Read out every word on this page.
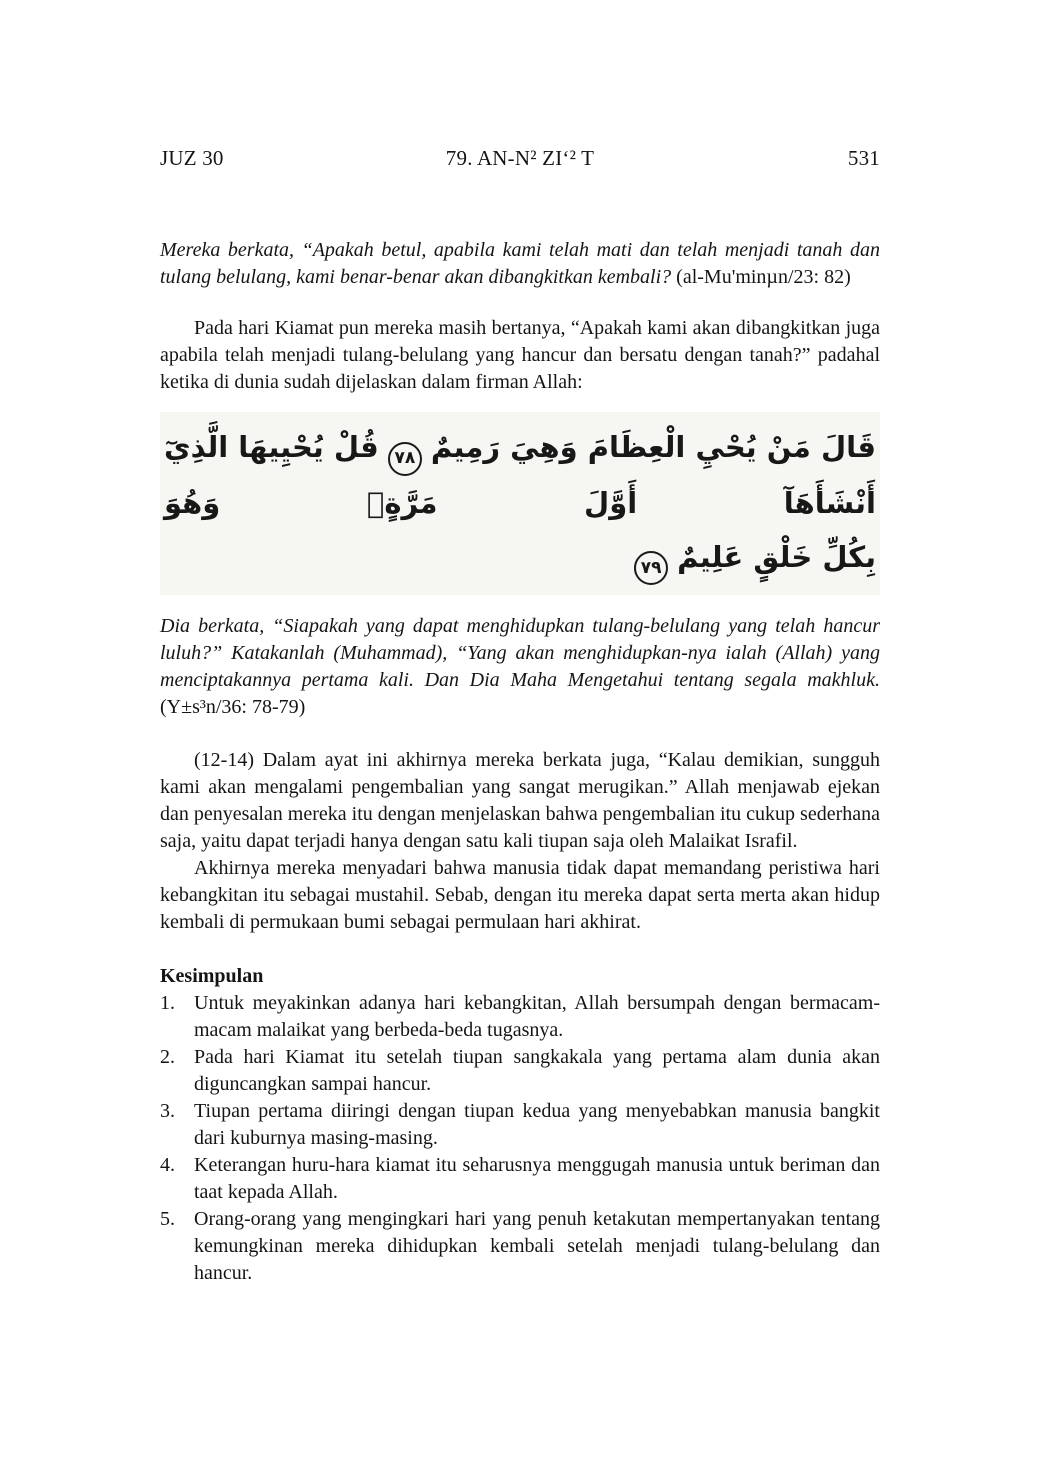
JUZ 30	79. AN-N² ZI‘² T	531

Mereka berkata, “Apakah betul, apabila kami telah mati dan telah menjadi tanah dan tulang belulang, kami benar-benar akan dibangkitkan kembali? (al-Mu'minµn/23: 82)

Pada hari Kiamat pun mereka masih bertanya, “Apakah kami akan dibangkitkan juga apabila telah menjadi tulang-belulang yang hancur dan bersatu dengan tanah?” padahal ketika di dunia sudah dijelaskan dalam firman Allah:

قَالَ مَنْ يُحْيِ الْعِظَامَ وَهِيَ رَمِيمٌ٧٨قُلْ يُحْيِيهَا الَّذِيٓ أَنْشَأَهَآ أَوَّلَ مَرَّةٍۖ وَهُوَ
بِكُلِّ خَلْقٍ عَلِيمٌ٧٩

Dia berkata, “Siapakah yang dapat menghidupkan tulang-belulang yang telah hancur luluh?” Katakanlah (Muhammad), “Yang akan menghidupkan-nya ialah (Allah) yang menciptakannya pertama kali. Dan Dia Maha Mengetahui tentang segala makhluk. (Y±s³n/36: 78-79)

(12-14) Dalam ayat ini akhirnya mereka berkata juga, “Kalau demikian, sungguh kami akan mengalami pengembalian yang sangat merugikan.” Allah menjawab ejekan dan penyesalan mereka itu dengan menjelaskan bahwa pengembalian itu cukup sederhana saja, yaitu dapat terjadi hanya dengan satu kali tiupan saja oleh Malaikat Israfil.

Akhirnya mereka menyadari bahwa manusia tidak dapat memandang peristiwa hari kebangkitan itu sebagai mustahil. Sebab, dengan itu mereka dapat serta merta akan hidup kembali di permukaan bumi sebagai permulaan hari akhirat.

Kesimpulan
1. Untuk meyakinkan adanya hari kebangkitan, Allah bersumpah dengan bermacam-macam malaikat yang berbeda-beda tugasnya.
2. Pada hari Kiamat itu setelah tiupan sangkakala yang pertama alam dunia akan diguncangkan sampai hancur.
3. Tiupan pertama diiringi dengan tiupan kedua yang menyebabkan manusia bangkit dari kuburnya masing-masing.
4. Keterangan huru-hara kiamat itu seharusnya menggugah manusia untuk beriman dan taat kepada Allah.
5. Orang-orang yang mengingkari hari yang penuh ketakutan mempertanyakan tentang kemungkinan mereka dihidupkan kembali setelah menjadi tulang-belulang dan hancur.
